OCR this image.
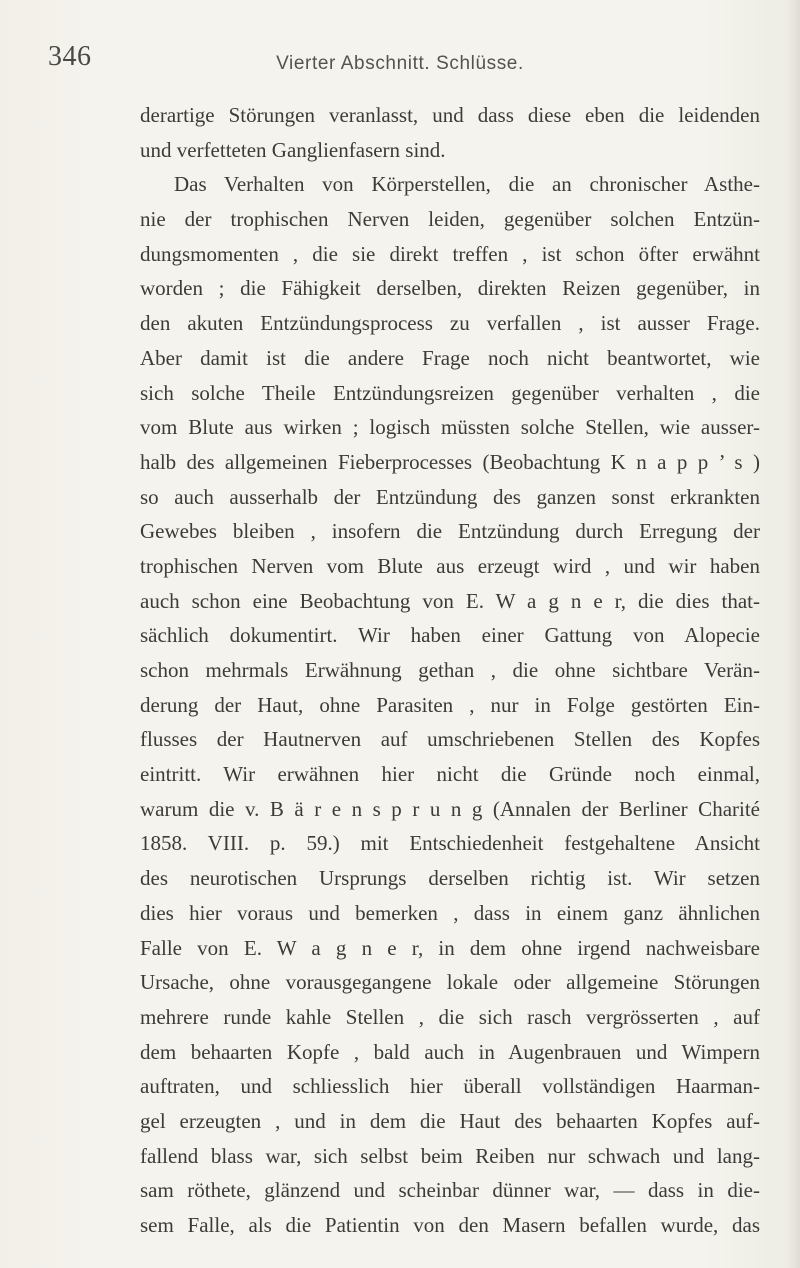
346	Vierter Abschnitt. Schlüsse.
derartige Störungen veranlasst, und dass diese eben die leidenden
und verfetteten Ganglienfasern sind.
Das Verhalten von Körperstellen, die an chronischer Asthe-
nie der trophischen Nerven leiden, gegenüber solchen Entzün-
dungsmomenten , die sie direkt treffen , ist schon öfter erwähnt
worden ; die Fähigkeit derselben, direkten Reizen gegenüber, in
den akuten Entzündungsprocess zu verfallen , ist ausser Frage.
Aber damit ist die andere Frage noch nicht beantwortet, wie
sich solche Theile Entzündungsreizen gegenüber verhalten , die
vom Blute aus wirken ; logisch müssten solche Stellen, wie ausser-
halb des allgemeinen Fieberprocesses (Beobachtung K n a p p ’ s )
so auch ausserhalb der Entzündung des ganzen sonst erkrankten
Gewebes bleiben , insofern die Entzündung durch Erregung der
trophischen Nerven vom Blute aus erzeugt wird , und wir haben
auch schon eine Beobachtung von E. W a g n e r, die dies that-
sächlich dokumentirt. Wir haben einer Gattung von Alopecie
schon mehrmals Erwähnung gethan , die ohne sichtbare Verän-
derung der Haut, ohne Parasiten , nur in Folge gestörten Ein-
flusses der Hautnerven auf umschriebenen Stellen des Kopfes
eintritt. Wir erwähnen hier nicht die Gründe noch einmal,
warum die v. B ä r e n s p r u n g (Annalen der Berliner Charité
1858. VIII. p. 59.) mit Entschiedenheit festgehaltene Ansicht
des neurotischen Ursprungs derselben richtig ist. Wir setzen
dies hier voraus und bemerken , dass in einem ganz ähnlichen
Falle von E. W a g n e r, in dem ohne irgend nachweisbare
Ursache, ohne vorausgegangene lokale oder allgemeine Störungen
mehrere runde kahle Stellen , die sich rasch vergrösserten , auf
dem behaarten Kopfe , bald auch in Augenbrauen und Wimpern
auftraten, und schliesslich hier überall vollständigen Haarman-
gel erzeugten , und in dem die Haut des behaarten Kopfes auf-
fallend blass war, sich selbst beim Reiben nur schwach und lang-
sam röthete, glänzend und scheinbar dünner war, — dass in die-
sem Falle, als die Patientin von den Masern befallen wurde, das
